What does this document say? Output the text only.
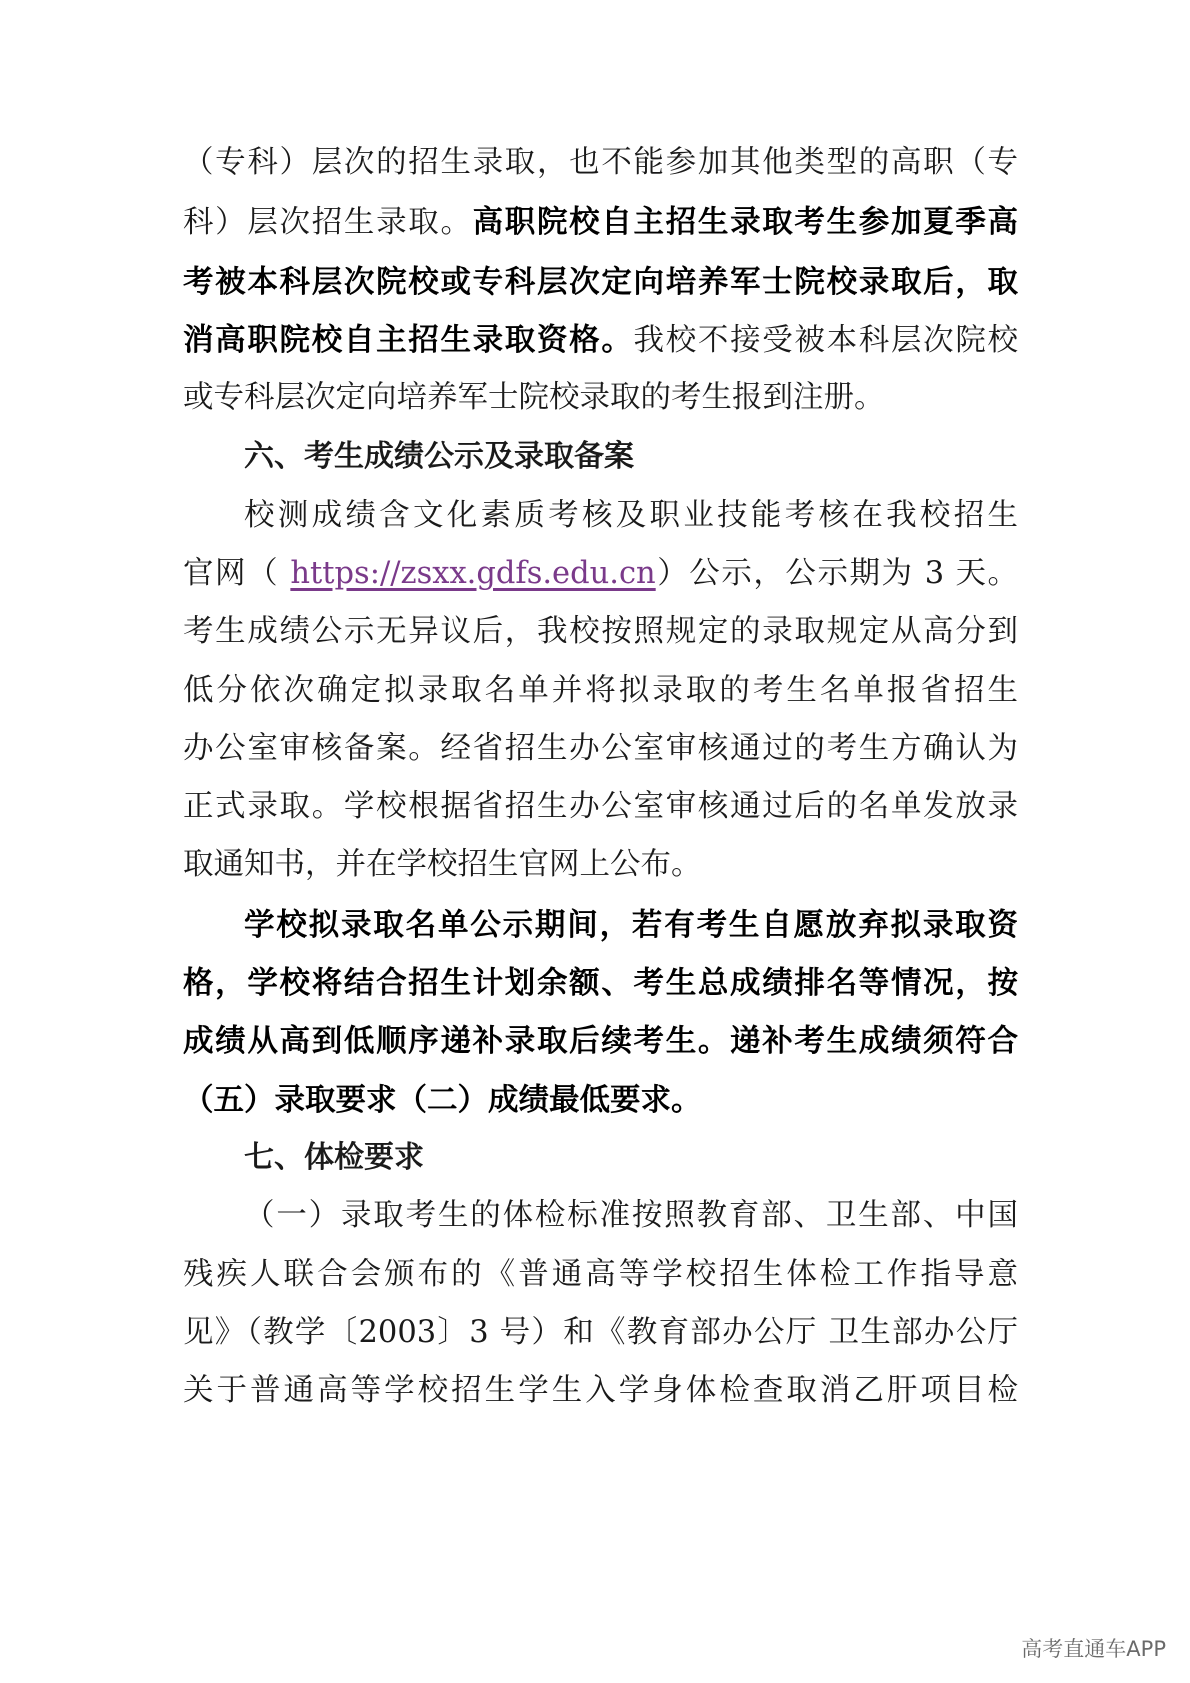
（专科）层次的招生录取，也不能参加其他类型的高职（专
科）层次招生录取。高职院校自主招生录取考生参加夏季高
考被本科层次院校或专科层次定向培养军士院校录取后，取
消高职院校自主招生录取资格。我校不接受被本科层次院校
或专科层次定向培养军士院校录取的考生报到注册。
六、考生成绩公示及录取备案
校测成绩含文化素质考核及职业技能考核在我校招生
官网（ https://zsxx.gdfs.edu.cn）公示，公示期为 3 天。
考生成绩公示无异议后，我校按照规定的录取规定从高分到
低分依次确定拟录取名单并将拟录取的考生名单报省招生
办公室审核备案。经省招生办公室审核通过的考生方确认为
正式录取。学校根据省招生办公室审核通过后的名单发放录
取通知书，并在学校招生官网上公布。
学校拟录取名单公示期间，若有考生自愿放弃拟录取资
格，学校将结合招生计划余额、考生总成绩排名等情况，按
成绩从高到低顺序递补录取后续考生。递补考生成绩须符合
（五）录取要求（二）成绩最低要求。
七、体检要求
（一）录取考生的体检标准按照教育部、卫生部、中国
残疾人联合会颁布的《普通高等学校招生体检工作指导意
见》（教学〔2003〕3 号）和《教育部办公厅 卫生部办公厅
关于普通高等学校招生学生入学身体检查取消乙肝项目检
高考直通车APP
